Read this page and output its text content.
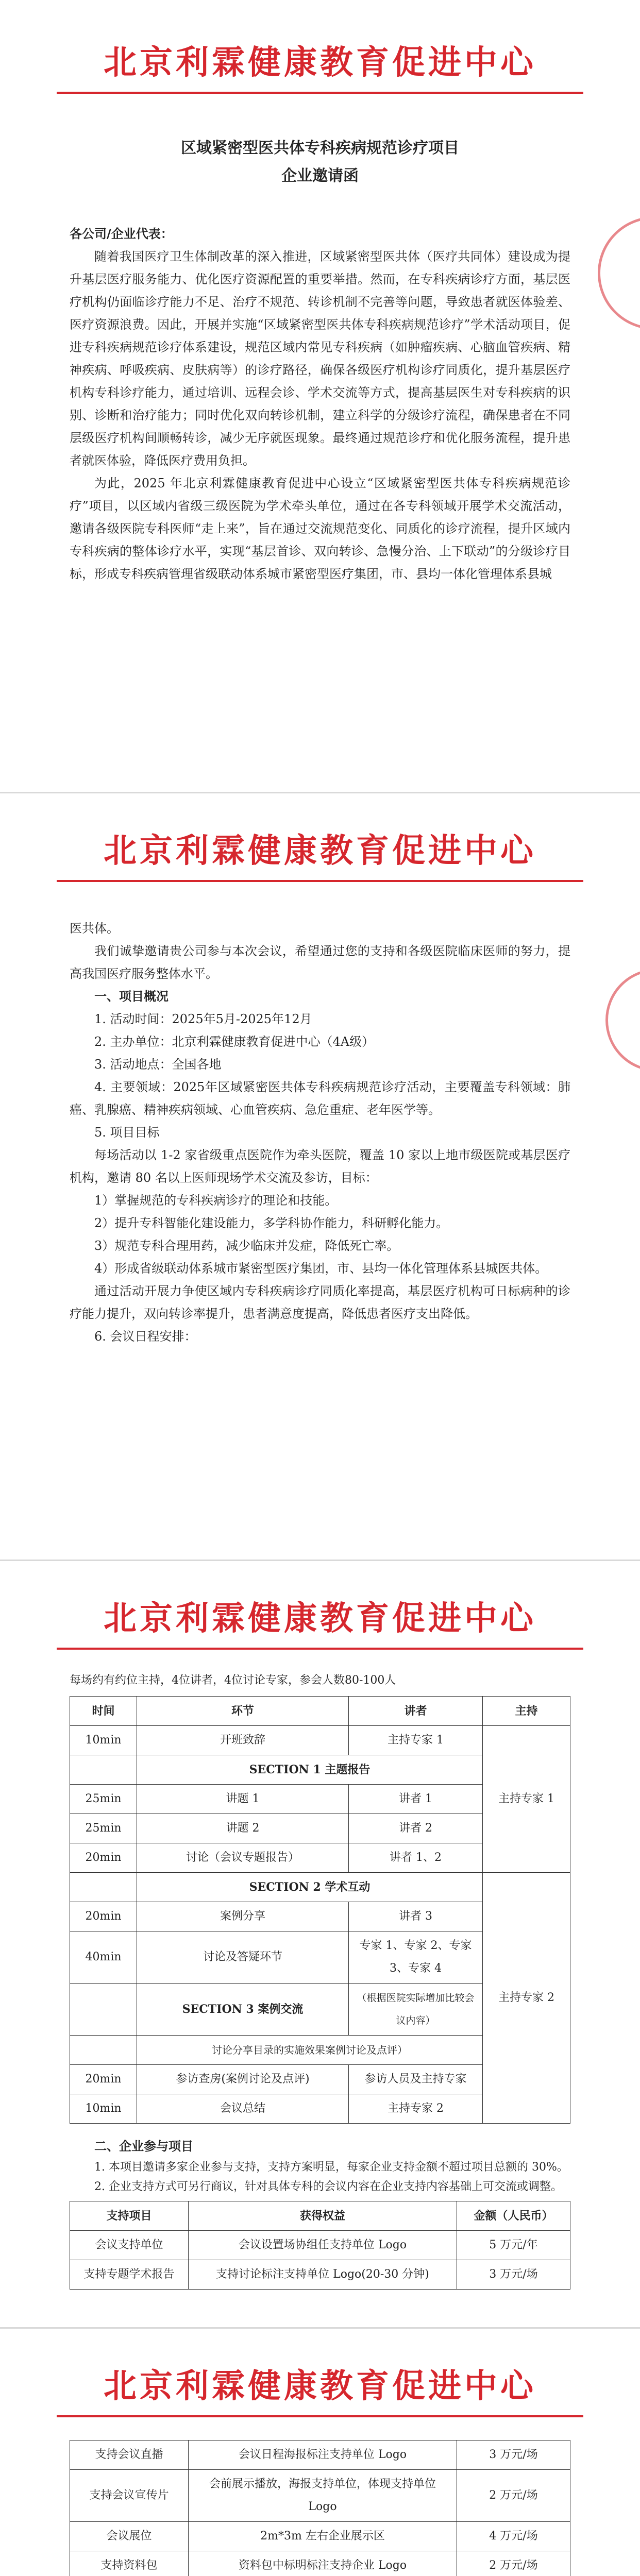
北京利霖健康教育促进中心
区域紧密型医共体专科疾病规范诊疗项目
企业邀请函

各公司/企业代表：

随着我国医疗卫生体制改革的深入推进，区域紧密型医共体（医疗共同体）建设成为提升基层医疗服务能力、优化医疗资源配置的重要举措。然而，在专科疾病诊疗方面，基层医疗机构仍面临诊疗能力不足、治疗不规范、转诊机制不完善等问题，导致患者就医体验差、医疗资源浪费。因此，开展并实施“区域紧密型医共体专科疾病规范诊疗”学术活动项目，促进专科疾病规范诊疗体系建设，规范区域内常见专科疾病（如肿瘤疾病、心脑血管疾病、精神疾病、呼吸疾病、皮肤病等）的诊疗路径，确保各级医疗机构诊疗同质化，提升基层医疗机构专科诊疗能力，通过培训、远程会诊、学术交流等方式，提高基层医生对专科疾病的识别、诊断和治疗能力；同时优化双向转诊机制，建立科学的分级诊疗流程，确保患者在不同层级医疗机构间顺畅转诊，减少无序就医现象。最终通过规范诊疗和优化服务流程，提升患者就医体验，降低医疗费用负担。

为此，2025 年北京利霖健康教育促进中心设立“区域紧密型医共体专科疾病规范诊疗”项目，以区域内省级三级医院为学术牵头单位，通过在各专科领域开展学术交流活动，邀请各级医院专科医师“走上来”，旨在通过交流规范变化、同质化的诊疗流程，提升区域内专科疾病的整体诊疗水平，实现“基层首诊、双向转诊、急慢分治、上下联动”的分级诊疗目标，形成专科疾病管理省级联动体系城市紧密型医疗集团，市、县均一体化管理体系县城

北京利霖健康教育促进中心

医共体。

我们诚挚邀请贵公司参与本次会议，希望通过您的支持和各级医院临床医师的努力，提高我国医疗服务整体水平。

一、项目概况

1. 活动时间：2025年5月-2025年12月

2. 主办单位：北京利霖健康教育促进中心（4A级）

3. 活动地点：全国各地

4. 主要领域：2025年区域紧密医共体专科疾病规范诊疗活动，主要覆盖专科领域：肺癌、乳腺癌、精神疾病领域、心血管疾病、急危重症、老年医学等。

5. 项目目标

每场活动以 1-2 家省级重点医院作为牵头医院，覆盖 10 家以上地市级医院或基层医疗机构，邀请 80 名以上医师现场学术交流及参访，目标：

1）掌握规范的专科疾病诊疗的理论和技能。

2）提升专科智能化建设能力，多学科协作能力，科研孵化能力。

3）规范专科合理用药，减少临床并发症，降低死亡率。

4）形成省级联动体系城市紧密型医疗集团，市、县均一体化管理体系县城医共体。

通过活动开展力争使区域内专科疾病诊疗同质化率提高，基层医疗机构可日标病种的诊疗能力提升，双向转诊率提升，患者满意度提高，降低患者医疗支出降低。

6. 会议日程安排：

北京利霖健康教育促进中心

每场约有约位主持，4位讲者，4位讨论专家，参会人数80-100人

时间	环节	讲者	主持
10min	开班致辞	主持专家 1	主持专家 1
	SECTION 1 主题报告		
25min	讲题 1	讲者 1	
25min	讲题 2	讲者 2	
20min	讨论（会议专题报告）	讲者 1、2	
	SECTION 2 学术互动		主持专家 2
20min	案例分享	讲者 3	
40min	讨论及答疑环节	专家 1、专家 2、专家 3、专家 4	
	SECTION 3 案例交流	（根据医院实际增加比较会议内容）	
	讨论分享目录的实施效果案例讨论及点评）		
20min	参访查房(案例讨论及点评)	参访人员及主持专家	
10min	会议总结	主持专家 2	

二、企业参与项目

1. 本项目邀请多家企业参与支持，支持方案明显，每家企业支持金额不超过项目总额的 30%。

2. 企业支持方式可另行商议，针对具体专科的会议内容在企业支持内容基础上可交流或调整。

支持项目	获得权益	金额（人民币）
会议支持单位	会议设置场协组任支持单位 Logo	5 万元/年
支持专题学术报告	支持讨论标注支持单位 Logo(20-30 分钟)	3 万元/场
北京利霖健康教育促进中心
支持会议直播	会议日程海报标注支持单位 Logo	3 万元/场
支持会议宣传片	会前展示播放，海报支持单位，体现支持单位 Logo	2 万元/场
会议展位	2m*3m 左右企业展示区	4 万元/场
支持资料包	资料包中标明标注支持企业 Logo	2 万元/场
